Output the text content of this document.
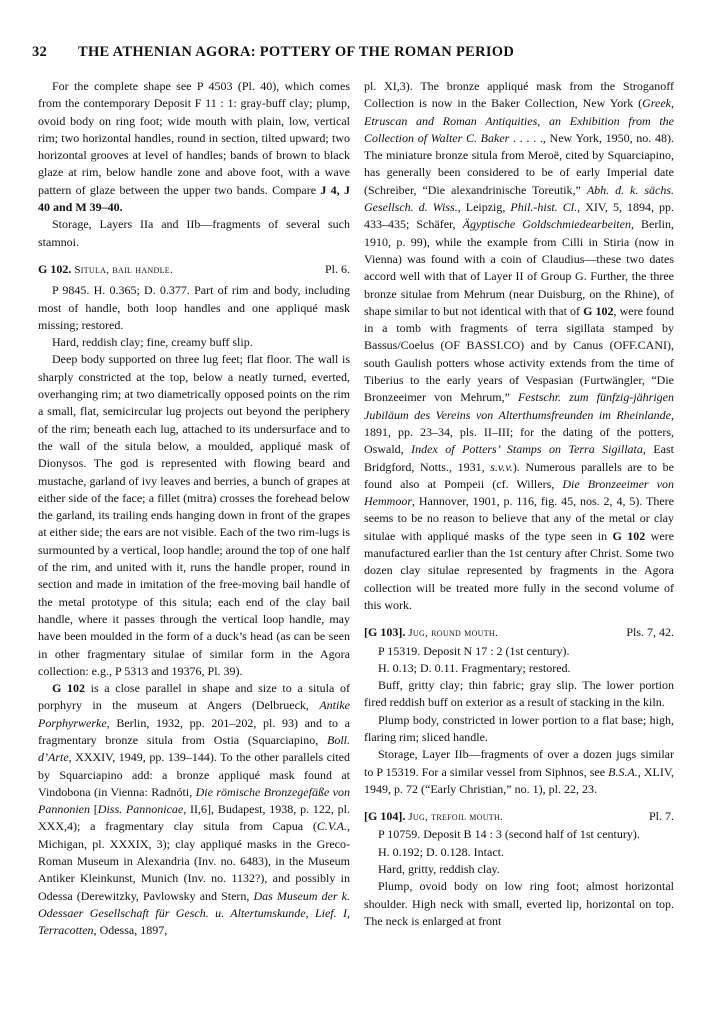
32 THE ATHENIAN AGORA: POTTERY OF THE ROMAN PERIOD

For the complete shape see P 4503 (Pl. 40), which comes from the contemporary Deposit F 11 : 1: gray-buff clay; plump, ovoid body on ring foot; wide mouth with plain, low, vertical rim; two horizontal handles, round in section, tilted upward; two horizontal grooves at level of handles; bands of brown to black glaze at rim, below handle zone and above foot, with a wave pattern of glaze between the upper two bands. Compare J 4, J 40 and M 39–40.

Storage, Layers IIa and IIb—fragments of several such stamnoi.

G 102. Situla, bail handle.	Pl. 6.

P 9845. H. 0.365; D. 0.377. Part of rim and body, including most of handle, both loop handles and one appliqué mask missing; restored.

Hard, reddish clay; fine, creamy buff slip.

Deep body supported on three lug feet; flat floor. The wall is sharply constricted at the top, below a neatly turned, everted, overhanging rim; at two diametrically opposed points on the rim a small, flat, semicircular lug projects out beyond the periphery of the rim; beneath each lug, attached to its undersurface and to the wall of the situla below, a moulded, appliqué mask of Dionysos. The god is represented with flowing beard and mustache, garland of ivy leaves and berries, a bunch of grapes at either side of the face; a fillet (mitra) crosses the forehead below the garland, its trailing ends hanging down in front of the grapes at either side; the ears are not visible. Each of the two rim-lugs is surmounted by a vertical, loop handle; around the top of one half of the rim, and united with it, runs the handle proper, round in section and made in imitation of the free-moving bail handle of the metal prototype of this situla; each end of the clay bail handle, where it passes through the vertical loop handle, may have been moulded in the form of a duck’s head (as can be seen in other fragmentary situlae of similar form in the Agora collection: e.g., P 5313 and 19376, Pl. 39).

G 102 is a close parallel in shape and size to a situla of porphyry in the museum at Angers (Delbrueck, Antike Porphyrwerke, Berlin, 1932, pp. 201–202, pl. 93) and to a fragmentary bronze situla from Ostia (Squarciapino, Boll. d’Arte, XXXIV, 1949, pp. 139–144). To the other parallels cited by Squarciapino add: a bronze appliqué mask found at Vindobona (in Vienna: Radnóti, Die römische Bronzegefäße von Pannonien [Diss. Pannonicae, II,6], Budapest, 1938, p. 122, pl. XXX,4); a fragmentary clay situla from Capua (C.V.A., Michigan, pl. XXXIX, 3); clay appliqué masks in the Greco-Roman Museum in Alexandria (Inv. no. 6483), in the Museum Antiker Kleinkunst, Munich (Inv. no. 1132?), and possibly in Odessa (Derewitzky, Pavlowsky and Stern, Das Museum der k. Odessaer Gesellschaft für Gesch. u. Altertumskunde, Lief. I, Terracotten, Odessa, 1897,

pl. XI,3). The bronze appliqué mask from the Stroganoff Collection is now in the Baker Collection, New York (Greek, Etruscan and Roman Antiquities, an Exhibition from the Collection of Walter C. Baker . . . . ., New York, 1950, no. 48). The miniature bronze situla from Meroë, cited by Squarciapino, has generally been considered to be of early Imperial date (Schreiber, “Die alexandrinische Toreutik,” Abh. d. k. sächs. Gesellsch. d. Wiss., Leipzig, Phil.-hist. Cl., XIV, 5, 1894, pp. 433–435; Schäfer, Ägyptische Goldschmiedearbeiten, Berlin, 1910, p. 99), while the example from Cilli in Stiria (now in Vienna) was found with a coin of Claudius—these two dates accord well with that of Layer II of Group G. Further, the three bronze situlae from Mehrum (near Duisburg, on the Rhine), of shape similar to but not identical with that of G 102, were found in a tomb with fragments of terra sigillata stamped by Bassus/Coelus (OF BASSI.CO) and by Canus (OFF.CANI), south Gaulish potters whose activity extends from the time of Tiberius to the early years of Vespasian (Furtwängler, “Die Bronzeeimer von Mehrum,” Festschr. zum fünfzig-jährigen Jubiläum des Vereins von Alterthumsfreunden im Rheinlande, 1891, pp. 23–34, pls. II–III; for the dating of the potters, Oswald, Index of Potters’ Stamps on Terra Sigillata, East Bridgford, Notts., 1931, s.v.v.). Numerous parallels are to be found also at Pompeii (cf. Willers, Die Bronzeeimer von Hemmoor, Hannover, 1901, p. 116, fig. 45, nos. 2, 4, 5). There seems to be no reason to believe that any of the metal or clay situlae with appliqué masks of the type seen in G 102 were manufactured earlier than the 1st century after Christ. Some two dozen clay situlae represented by fragments in the Agora collection will be treated more fully in the second volume of this work.

[G 103]. Jug, round mouth.	Pls. 7, 42.

P 15319. Deposit N 17 : 2 (1st century).

H. 0.13; D. 0.11. Fragmentary; restored.

Buff, gritty clay; thin fabric; gray slip. The lower portion fired reddish buff on exterior as a result of stacking in the kiln.

Plump body, constricted in lower portion to a flat base; high, flaring rim; sliced handle.

Storage, Layer IIb—fragments of over a dozen jugs similar to P 15319. For a similar vessel from Siphnos, see B.S.A., XLIV, 1949, p. 72 (“Early Christian,” no. 1), pl. 22, 23.

[G 104]. Jug, trefoil mouth.	Pl. 7.

P 10759. Deposit B 14 : 3 (second half of 1st century).

H. 0.192; D. 0.128. Intact.

Hard, gritty, reddish clay.

Plump, ovoid body on low ring foot; almost horizontal shoulder. High neck with small, everted lip, horizontal on top. The neck is enlarged at front
